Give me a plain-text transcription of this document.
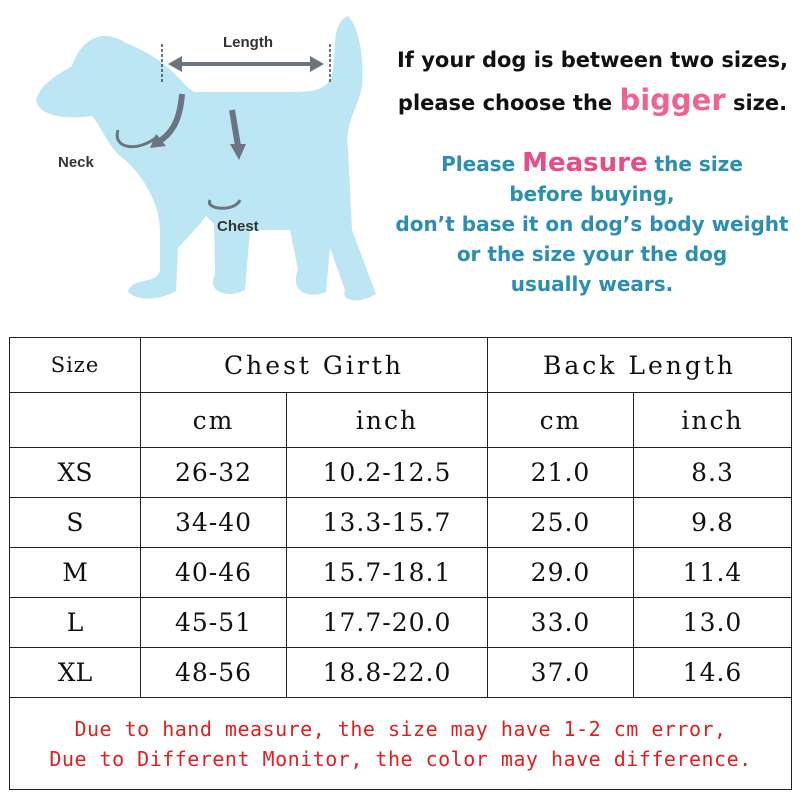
Length
Neck
Chest
If your dog is between two sizes,
please choose the bigger size.
Please Measure the size
before buying,
don’t base it on dog’s body weight
or the size your the dog
usually wears.
Size	Chest Girth		Back Length	
	cm	inch	cm	inch
XS	26-32	10.2-12.5	21.0	8.3
S	34-40	13.3-15.7	25.0	9.8
M	40-46	15.7-18.1	29.0	11.4
L	45-51	17.7-20.0	33.0	13.0
XL	48-56	18.8-22.0	37.0	14.6

Due to hand measure, the size may have 1-2 cm error,
Due to Different Monitor, the color may have difference.				
